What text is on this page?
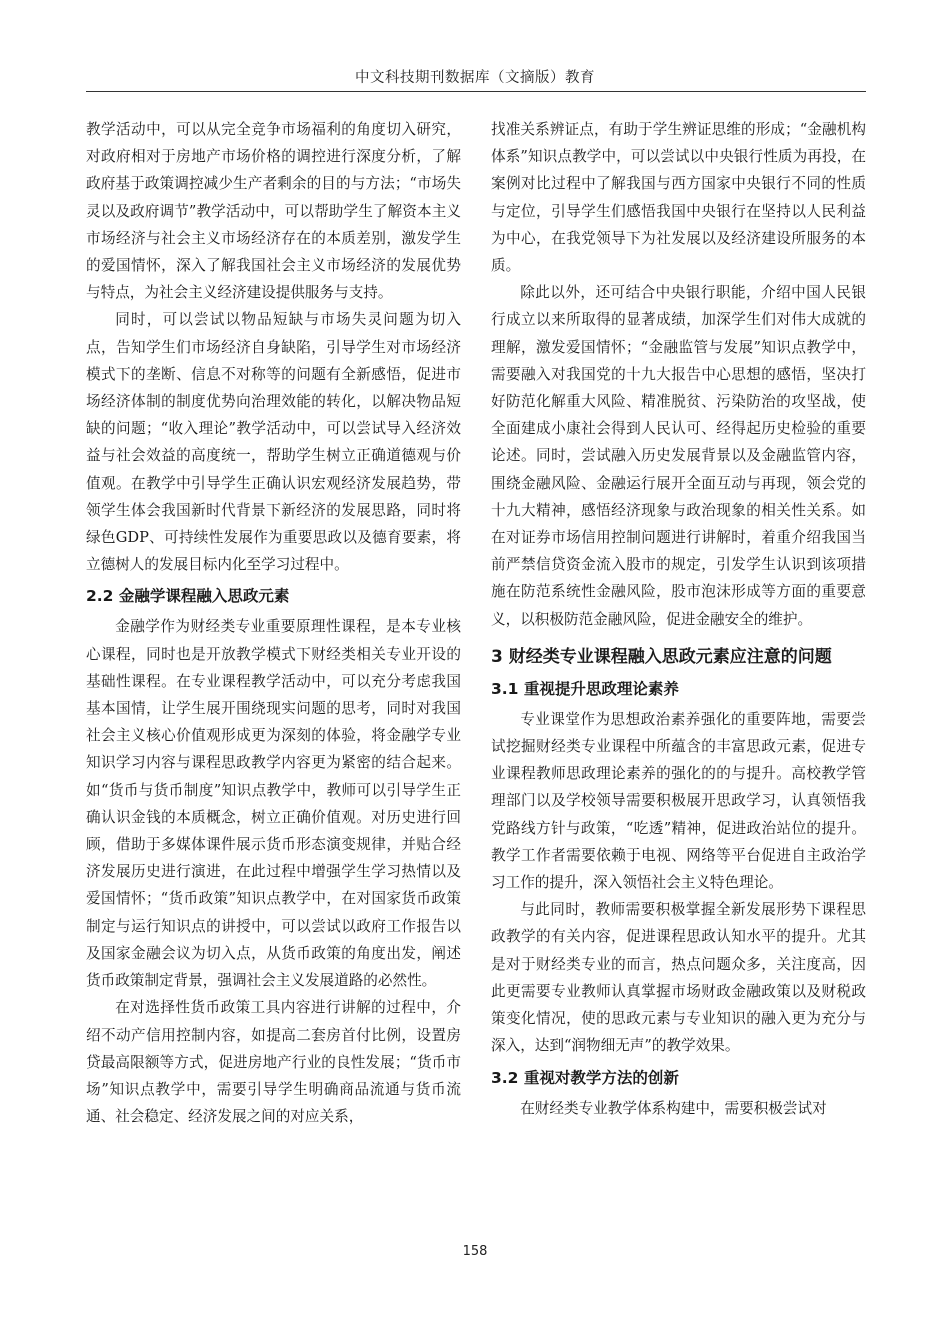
中文科技期刊数据库（文摘版）教育

教学活动中，可以从完全竞争市场福利的角度切入研究，对政府相对于房地产市场价格的调控进行深度分析，了解政府基于政策调控减少生产者剩余的目的与方法；“市场失灵以及政府调节”教学活动中，可以帮助学生了解资本主义市场经济与社会主义市场经济存在的本质差别，激发学生的爱国情怀，深入了解我国社会主义市场经济的发展优势与特点，为社会主义经济建设提供服务与支持。

同时，可以尝试以物品短缺与市场失灵问题为切入点，告知学生们市场经济自身缺陷，引导学生对市场经济模式下的垄断、信息不对称等的问题有全新感悟，促进市场经济体制的制度优势向治理效能的转化，以解决物品短缺的问题；“收入理论”教学活动中，可以尝试导入经济效益与社会效益的高度统一，帮助学生树立正确道德观与价值观。在教学中引导学生正确认识宏观经济发展趋势，带领学生体会我国新时代背景下新经济的发展思路，同时将绿色GDP、可持续性发展作为重要思政以及德育要素，将立德树人的发展目标内化至学习过程中。

2.2 金融学课程融入思政元素

金融学作为财经类专业重要原理性课程，是本专业核心课程，同时也是开放教学模式下财经类相关专业开设的基础性课程。在专业课程教学活动中，可以充分考虑我国基本国情，让学生展开围绕现实问题的思考，同时对我国社会主义核心价值观形成更为深刻的体验，将金融学专业知识学习内容与课程思政教学内容更为紧密的结合起来。如“货币与货币制度”知识点教学中，教师可以引导学生正确认识金钱的本质概念，树立正确价值观。对历史进行回顾，借助于多媒体课件展示货币形态演变规律，并贴合经济发展历史进行演进，在此过程中增强学生学习热情以及爱国情怀；“货币政策”知识点教学中，在对国家货币政策制定与运行知识点的讲授中，可以尝试以政府工作报告以及国家金融会议为切入点，从货币政策的角度出发，阐述货币政策制定背景，强调社会主义发展道路的必然性。

在对选择性货币政策工具内容进行讲解的过程中，介绍不动产信用控制内容，如提高二套房首付比例，设置房贷最高限额等方式，促进房地产行业的良性发展；“货币市场”知识点教学中，需要引导学生明确商品流通与货币流通、社会稳定、经济发展之间的对应关系，

找准关系辨证点，有助于学生辨证思维的形成；“金融机构体系”知识点教学中，可以尝试以中央银行性质为再投，在案例对比过程中了解我国与西方国家中央银行不同的性质与定位，引导学生们感悟我国中央银行在坚持以人民利益为中心，在我党领导下为社发展以及经济建设所服务的本质。

除此以外，还可结合中央银行职能，介绍中国人民银行成立以来所取得的显著成绩，加深学生们对伟大成就的理解，激发爱国情怀；“金融监管与发展”知识点教学中，需要融入对我国党的十九大报告中心思想的感悟，坚决打好防范化解重大风险、精准脱贫、污染防治的攻坚战，使全面建成小康社会得到人民认可、经得起历史检验的重要论述。同时，尝试融入历史发展背景以及金融监管内容，围绕金融风险、金融运行展开全面互动与再现，领会党的十九大精神，感悟经济现象与政治现象的相关性关系。如在对证券市场信用控制问题进行讲解时，着重介绍我国当前严禁信贷资金流入股市的规定，引发学生认识到该项措施在防范系统性金融风险，股市泡沫形成等方面的重要意义，以积极防范金融风险，促进金融安全的维护。

3 财经类专业课程融入思政元素应注意的问题
3.1 重视提升思政理论素养

专业课堂作为思想政治素养强化的重要阵地，需要尝试挖掘财经类专业课程中所蕴含的丰富思政元素，促进专业课程教师思政理论素养的强化的的与提升。高校教学管理部门以及学校领导需要积极展开思政学习，认真领悟我党路线方针与政策，“吃透”精神，促进政治站位的提升。教学工作者需要依赖于电视、网络等平台促进自主政治学习工作的提升，深入领悟社会主义特色理论。

与此同时，教师需要积极掌握全新发展形势下课程思政教学的有关内容，促进课程思政认知水平的提升。尤其是对于财经类专业的而言，热点问题众多，关注度高，因此更需要专业教师认真掌握市场财政金融政策以及财税政策变化情况，使的思政元素与专业知识的融入更为充分与深入，达到“润物细无声”的教学效果。

3.2 重视对教学方法的创新

在财经类专业教学体系构建中，需要积极尝试对

158
